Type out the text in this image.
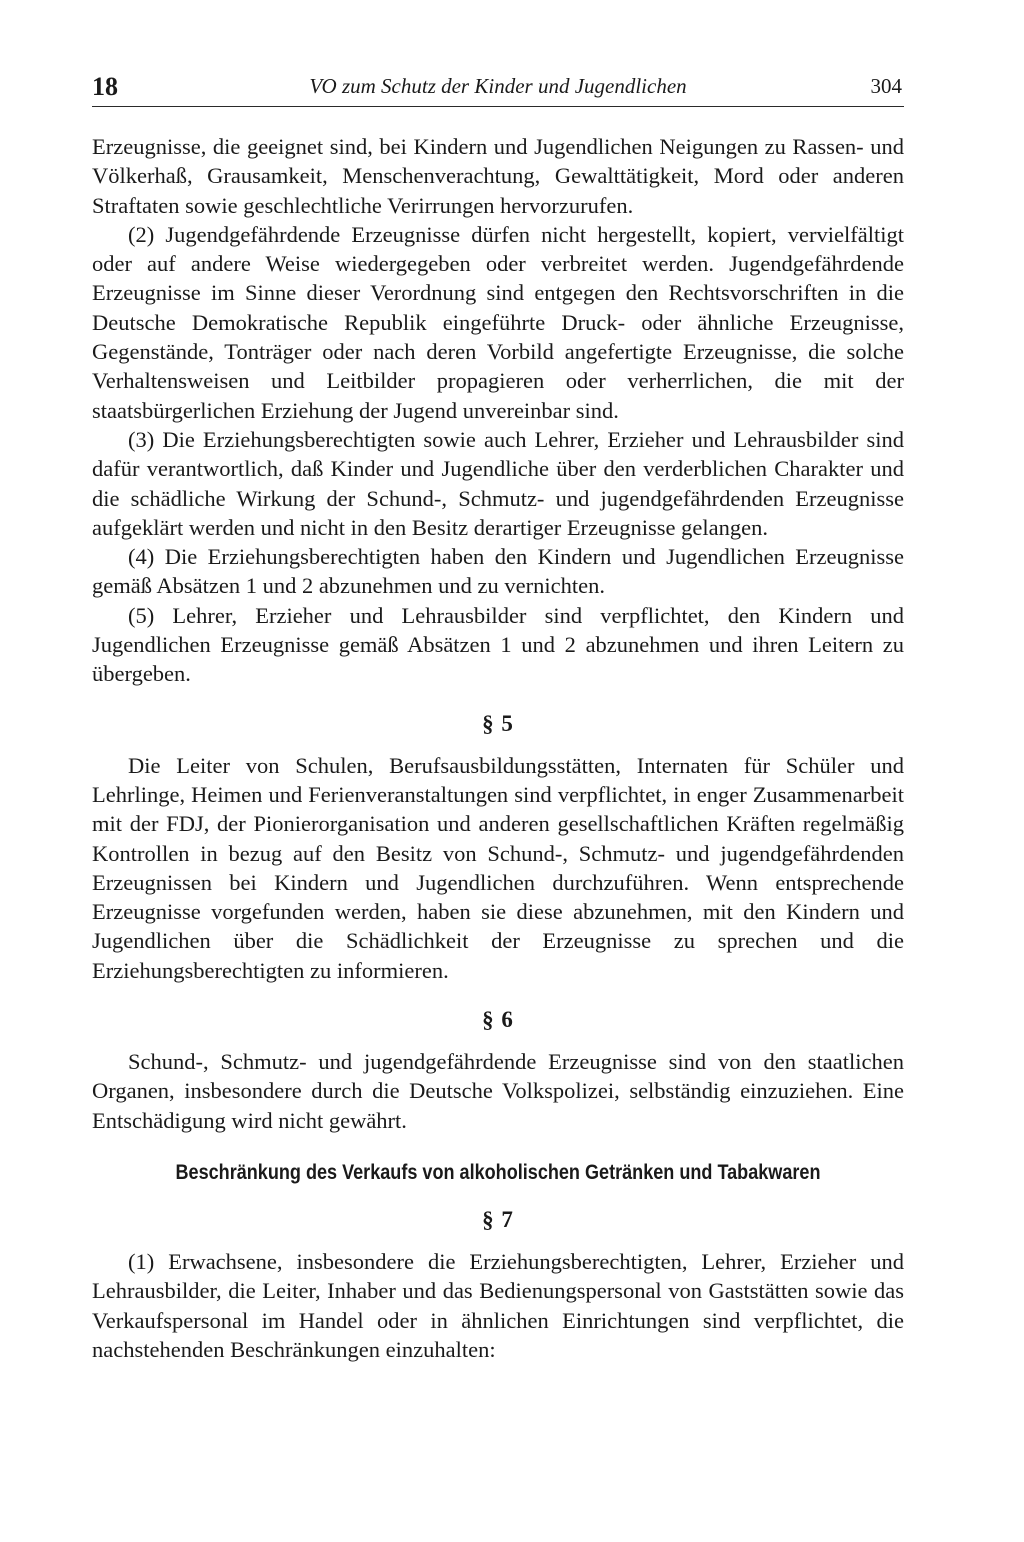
18	VO zum Schutz der Kinder und Jugendlichen	304

Erzeugnisse, die geeignet sind, bei Kindern und Jugendlichen Neigungen zu Rassen- und Völkerhaß, Grausamkeit, Menschenverachtung, Gewalttätigkeit, Mord oder anderen Straftaten sowie geschlechtliche Verirrungen hervorzurufen.

(2) Jugendgefährdende Erzeugnisse dürfen nicht hergestellt, kopiert, vervielfältigt oder auf andere Weise wiedergegeben oder verbreitet werden. Jugendgefährdende Erzeugnisse im Sinne dieser Verordnung sind entgegen den Rechtsvorschriften in die Deutsche Demokratische Republik eingeführte Druck- oder ähnliche Erzeugnisse, Gegenstände, Tonträger oder nach deren Vorbild angefertigte Erzeugnisse, die solche Verhaltensweisen und Leitbilder propagieren oder verherrlichen, die mit der staatsbürgerlichen Erziehung der Jugend unvereinbar sind.

(3) Die Erziehungsberechtigten sowie auch Lehrer, Erzieher und Lehrausbilder sind dafür verantwortlich, daß Kinder und Jugendliche über den verderblichen Charakter und die schädliche Wirkung der Schund-, Schmutz- und jugendgefährdenden Erzeugnisse aufgeklärt werden und nicht in den Besitz derartiger Erzeugnisse gelangen.

(4) Die Erziehungsberechtigten haben den Kindern und Jugendlichen Erzeugnisse gemäß Absätzen 1 und 2 abzunehmen und zu vernichten.

(5) Lehrer, Erzieher und Lehrausbilder sind verpflichtet, den Kindern und Jugendlichen Erzeugnisse gemäß Absätzen 1 und 2 abzunehmen und ihren Leitern zu übergeben.

§ 5

Die Leiter von Schulen, Berufsausbildungsstätten, Internaten für Schüler und Lehrlinge, Heimen und Ferienveranstaltungen sind verpflichtet, in enger Zusammenarbeit mit der FDJ, der Pionierorganisation und anderen gesellschaftlichen Kräften regelmäßig Kontrollen in bezug auf den Besitz von Schund-, Schmutz- und jugendgefährdenden Erzeugnissen bei Kindern und Jugendlichen durchzuführen. Wenn entsprechende Erzeugnisse vorgefunden werden, haben sie diese abzunehmen, mit den Kindern und Jugendlichen über die Schädlichkeit der Erzeugnisse zu sprechen und die Erziehungsberechtigten zu informieren.

§ 6

Schund-, Schmutz- und jugendgefährdende Erzeugnisse sind von den staatlichen Organen, insbesondere durch die Deutsche Volkspolizei, selbständig einzuziehen. Eine Entschädigung wird nicht gewährt.

Beschränkung des Verkaufs von alkoholischen Getränken und Tabakwaren
§ 7

(1) Erwachsene, insbesondere die Erziehungsberechtigten, Lehrer, Erzieher und Lehrausbilder, die Leiter, Inhaber und das Bedienungspersonal von Gaststätten sowie das Verkaufspersonal im Handel oder in ähnlichen Einrichtungen sind verpflichtet, die nachstehenden Beschränkungen einzuhalten:
